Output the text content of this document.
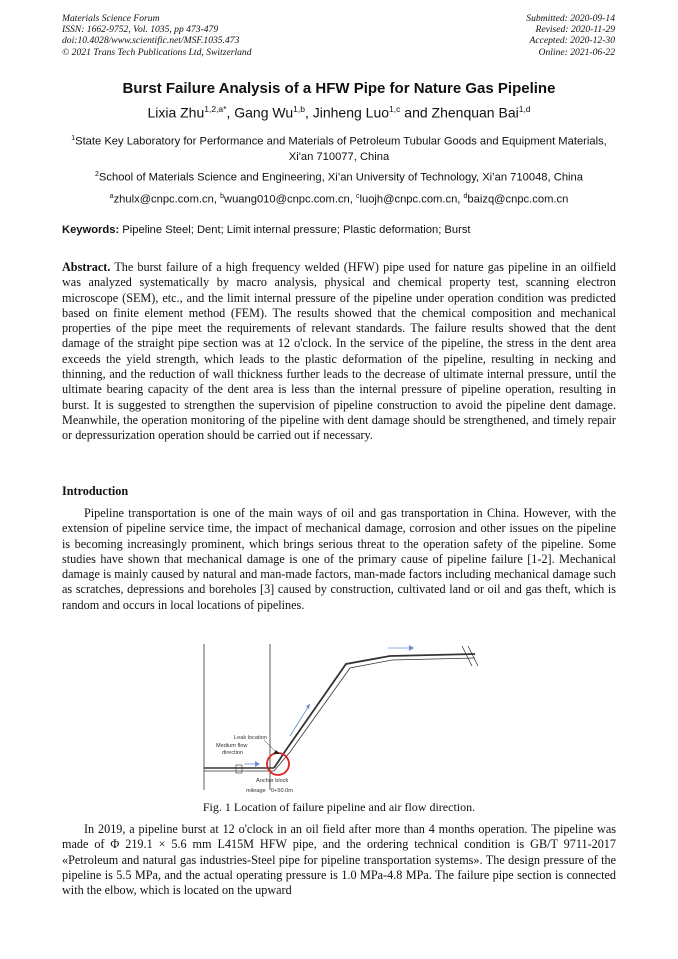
Materials Science Forum
ISSN: 1662-9752, Vol. 1035, pp 473-479
doi:10.4028/www.scientific.net/MSF.1035.473
© 2021 Trans Tech Publications Ltd, Switzerland
Submitted: 2020-09-14
Revised: 2020-11-29
Accepted: 2020-12-30
Online: 2021-06-22
Burst Failure Analysis of a HFW Pipe for Nature Gas Pipeline
Lixia Zhu$^{1,2,a*}$, Gang Wu$^{1,b}$, Jinheng Luo$^{1,c}$ and Zhenquan Bai$^{1,d}$
$^1$State Key Laboratory for Performance and Materials of Petroleum Tubular Goods and Equipment Materials,
Xi'an 710077, China
$^2$School of Materials Science and Engineering, Xi’an University of Technology, Xi’an 710048, China
$^a$zhulx@cnpc.com.cn, $^b$wuang010@cnpc.com.cn, $^c$luojh@cnpc.com.cn, $^d$baizq@cnpc.com.cn
Keywords: Pipeline Steel; Dent; Limit internal pressure; Plastic deformation; Burst
Abstract. The burst failure of a high frequency welded (HFW) pipe used for nature gas pipeline in an oilfield was analyzed systematically by macro analysis, physical and chemical property test, scanning electron microscope (SEM), etc., and the limit internal pressure of the pipeline under operation condition was predicted based on finite element method (FEM). The results showed that the chemical composition and mechanical properties of the pipe meet the requirements of relevant standards. The failure results showed that the dent damage of the straight pipe section was at 12 o'clock. In the service of the pipeline, the stress in the dent area exceeds the yield strength, which leads to the plastic deformation of the pipeline, resulting in necking and thinning, and the reduction of wall thickness further leads to the decrease of ultimate internal pressure, until the ultimate bearing capacity of the dent area is less than the internal pressure of pipeline operation, resulting in burst. It is suggested to strengthen the supervision of pipeline construction to avoid the pipeline dent damage. Meanwhile, the operation monitoring of the pipeline with dent damage should be strengthened, and timely repair or depressurization operation should be carried out if necessary.
Introduction
Pipeline transportation is one of the main ways of oil and gas transportation in China. However, with the extension of pipeline service time, the impact of mechanical damage, corrosion and other issues on the pipeline is becoming increasingly prominent, which brings serious threat to the operation safety of the pipeline. Some studies have shown that mechanical damage is one of the primary cause of pipeline failure [1-2]. Mechanical damage is mainly caused by natural and man-made factors, man-made factors including mechanical damage such as scratches, depressions and boreholes [3] caused by construction, cultivated land or oil and gas theft, which is random and occurs in local locations of pipelines.
Leak location
Medium flow
direction
Anchor block
mileage 0+50.0m
Fig. 1 Location of failure pipeline and air flow direction.
In 2019, a pipeline burst at 12 o'clock in an oil field after more than 4 months operation. The pipeline was made of Φ 219.1 × 5.6 mm L415M HFW pipe, and the ordering technical condition is GB/T 9711-2017 «Petroleum and natural gas industries-Steel pipe for pipeline transportation systems». The design pressure of the pipeline is 5.5 MPa, and the actual operating pressure is 1.0 MPa-4.8 MPa. The failure pipe section is connected with the elbow, which is located on the upward
